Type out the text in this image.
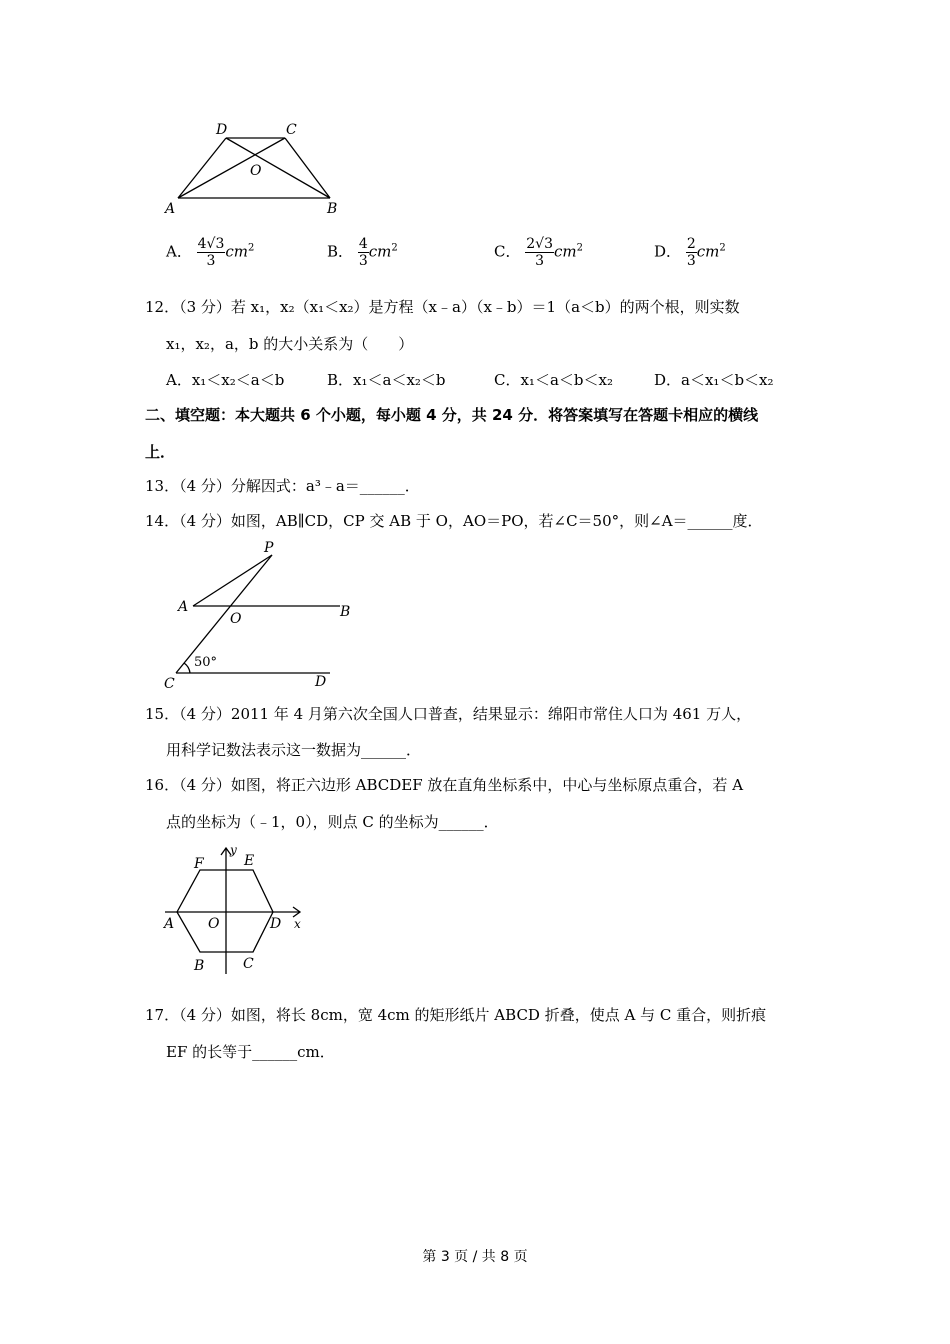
D	C
O
A	B
A． $\frac{4√3}{3} cm^2$	B． $\frac{4}{3} cm^2$	C． $\frac{2√3}{3} cm^2$	D． $\frac{2}{3} cm^2$
12．（3 分）若 x₁，x₂（x₁＜x₂）是方程（x﹣a）（x﹣b）＝1（a＜b）的两个根，则实数
x₁，x₂，a，b 的大小关系为（　　）
A．x₁＜x₂＜a＜b	B．x₁＜a＜x₂＜b	C．x₁＜a＜b＜x₂	D．a＜x₁＜b＜x₂
二、填空题：本大题共 6 个小题，每小题 4 分，共 24 分．将答案填写在答题卡相应的横线
上．
13．（4 分）分解因式：a³﹣a＝______．
14．（4 分）如图，AB∥CD，CP 交 AB 于 O，AO＝PO，若∠C＝50°，则∠A＝______度．
P
A
O	B
50°
C	D
15．（4 分）2011 年 4 月第六次全国人口普查，结果显示：绵阳市常住人口为 461 万人，
用科学记数法表示这一数据为______．
16．（4 分）如图，将正六边形 ABCDEF 放在直角坐标系中，中心与坐标原点重合，若 A
点的坐标为（﹣1，0），则点 C 的坐标为______．
F	E
y
A O	D x
B	C
17．（4 分）如图，将长 8cm，宽 4cm 的矩形纸片 ABCD 折叠，使点 A 与 C 重合，则折痕
EF 的长等于______cm．
第 3 页 / 共 8 页
